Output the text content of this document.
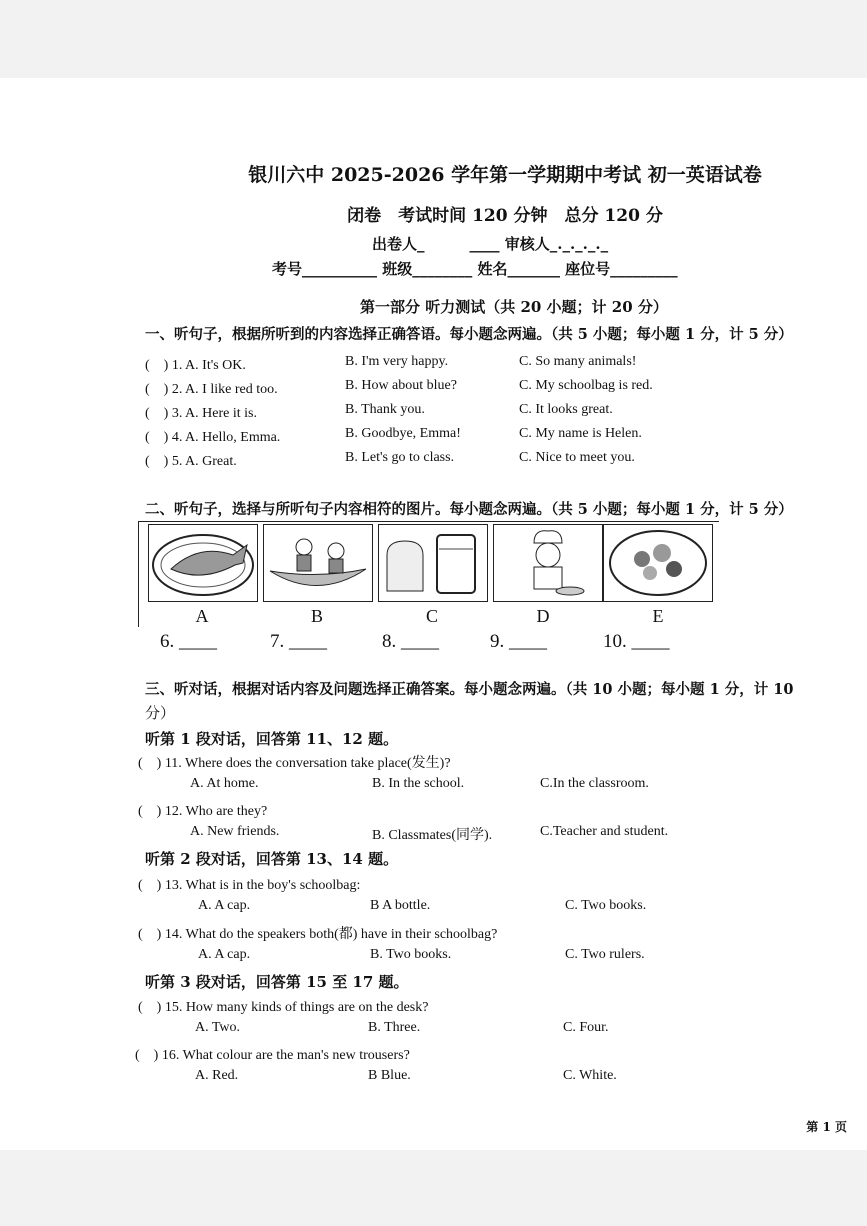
银川六中 2025-2026 学年第一学期期中考试 初一英语试卷
闭卷　考试时间 120 分钟　总分 120 分
出卷人_　　　____ 审核人_._._._._
考号__________ 班级________ 姓名_______ 座位号_________
第一部分 听力测试（共 20 小题；计 20 分）
一、听句子，根据所听到的内容选择正确答语。每小题念两遍。（共 5 小题；每小题 1 分，计 5 分）
(　) 1. A. It's OK.	B. I'm very happy.	C. So many animals!
(　) 2. A. I like red too.	B. How about blue?	C. My schoolbag is red.
(　) 3. A. Here it is.	B. Thank you.	C. It looks great.
(　) 4. A. Hello, Emma.	B. Goodbye, Emma!	C. My name is Helen.
(　) 5. A. Great.	B. Let's go to class.	C. Nice to meet you.
二、听句子，选择与所听句子内容相符的图片。每小题念两遍。（共 5 小题；每小题 1 分，计 5 分）
A	B	C	D	E
6. ____	7. ____	8. ____	9. ____	10. ____
三、听对话，根据对话内容及问题选择正确答案。每小题念两遍。（共 10 小题；每小题 1 分，计 10
分）
听第 1 段对话，回答第 11、12 题。
(　) 11. Where does the conversation take place(发生)?
A. At home.	B. In the school.	C.In the classroom.
(　) 12. Who are they?
A. New friends.	B. Classmates(同学).	C.Teacher and student.
听第 2 段对话，回答第 13、14 题。
(　) 13. What is in the boy's schoolbag:
A. A cap.	B A bottle.	C. Two books.
(　) 14. What do the speakers both(都) have in their schoolbag?
A. A cap.	B. Two books.	C. Two rulers.
听第 3 段对话，回答第 15 至 17 题。
(　) 15. How many kinds of things are on the desk?
A. Two.	B. Three.	C. Four.
(　) 16. What colour are the man's new trousers?
A. Red.	B Blue.	C. White.
第 1 页
